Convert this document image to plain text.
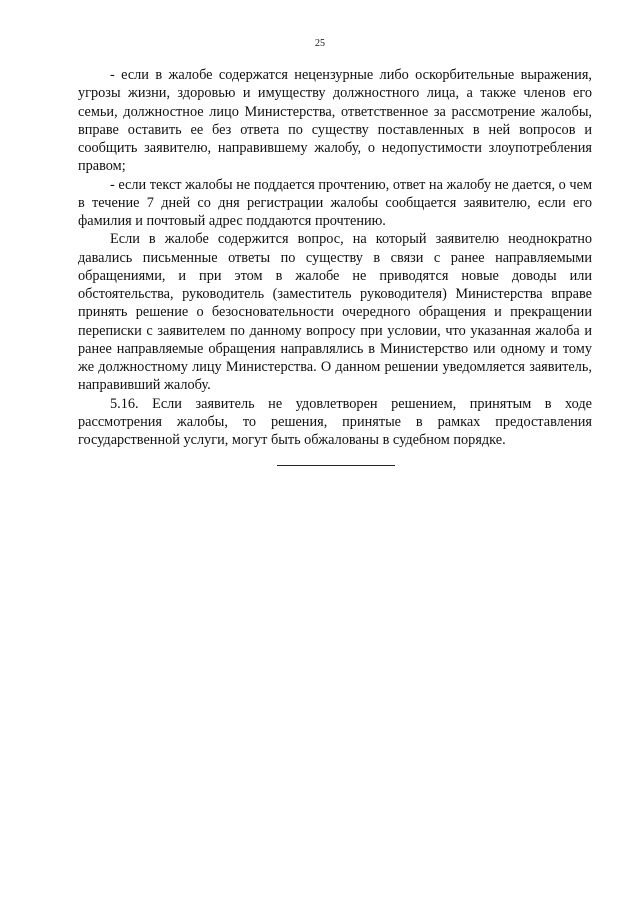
25

- если в жалобе содержатся нецензурные либо оскорбительные выражения, угрозы жизни, здоровью и имуществу должностного лица, а также членов его семьи, должностное лицо Министерства, ответственное за рассмотрение жалобы, вправе оставить ее без ответа по существу поставленных в ней вопросов и сообщить заявителю, направившему жалобу, о недопустимости злоупотребления правом;

- если текст жалобы не поддается прочтению, ответ на жалобу не дается, о чем в течение 7 дней со дня регистрации жалобы сообщается заявителю, если его фамилия и почтовый адрес поддаются прочтению.

Если в жалобе содержится вопрос, на который заявителю неоднократно давались письменные ответы по существу в связи с ранее направляемыми обращениями, и при этом в жалобе не приводятся новые доводы или обстоятельства, руководитель (заместитель руководителя) Министерства вправе принять решение о безосновательности очередного обращения и прекращении переписки с заявителем по данному вопросу при условии, что указанная жалоба и ранее направляемые обращения направлялись в Министерство или одному и тому же должностному лицу Министерства. О данном решении уведомляется заявитель, направивший жалобу.

5.16. Если заявитель не удовлетворен решением, принятым в ходе рассмотрения жалобы, то решения, принятые в рамках предоставления государственной услуги, могут быть обжалованы в судебном порядке.
